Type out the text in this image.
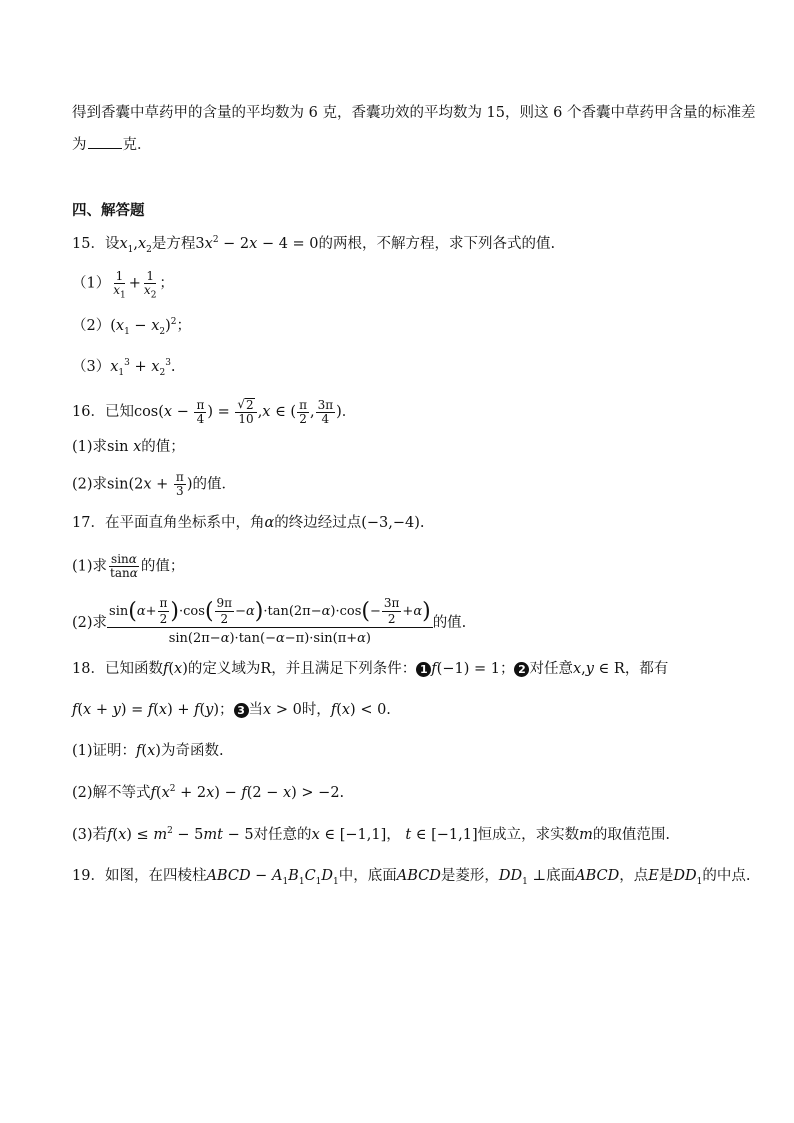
得到香囊中草药甲的含量的平均数为 6 克，香囊功效的平均数为 15，则这 6 个香囊中草药甲含量的标准差
为 克．
四、解答题
15．设$x_1,x_2$是方程$3x^2 - 2x - 4 = 0$的两根，不解方程，求下列各式的值.
$(1) \frac{1}{x_1} + \frac{1}{x_2}$ ；
$(2)(x_1 - x_2)^2$；
$(3)x_1^3 + x_2^3$.
16．已知$\cos(x - \frac{\pi}{4}$ ) = $\frac{√ 2}{10} ,x$ ∈ ( $\frac{\pi}{2}$ , $\frac{3\pi}{4}$ )．
(1)求sin x的值；
(2)求$\sin(2x + \frac{\pi}{3}$ )的值．
17．在平面直角坐标系中，角α的终边经过点(−3,−4).
(1)求 $\frac{\sin\alpha}{\tan\alpha}$ 的值；
(2)求 $\frac{\sin ( \alpha + \frac{\pi}{2} ) \cdot\cos ( \frac{9\pi}{2} - \alpha ) \cdot\tan(2\pi- \alpha )\cdot\cos ( - \frac{3\pi}{2} + \alpha )}{\sin(2\pi-\alpha)\cdot\tan(-\alpha-\pi)\cdot\sin(\pi+\alpha)}$ 的值.
18．已知函数f(x)的定义域为R，并且满足下列条件： 1 f(−1) = 1； 2 对任意x,y ∈ R，都有
f(x + y) = f(x) + f(y)； 3 当x > 0时，f(x) < 0.
(1)证明：f(x)为奇函数.
(2)解不等式$f(x^2 + 2x) - f(2 - x) > -2$.
(3)若$f(x) \le m^2 - 5mt - 5$对任意的x ∈ [−1,1]， t ∈ [−1,1]恒成立，求实数m的取值范围.
19．如图，在四棱柱ABCD − $A_1B_1C_1D_1$中，底面ABCD是菱形，$DD_1$ ⊥底面ABCD，点E是$DD_1$的中点.
